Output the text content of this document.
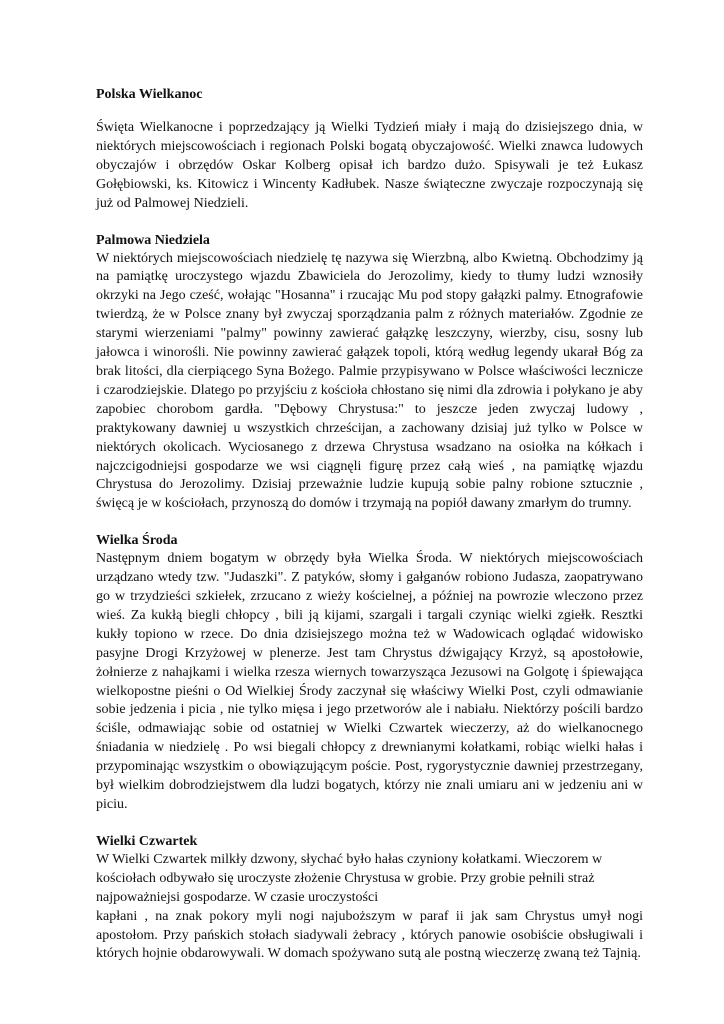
Polska Wielkanoc

Święta Wielkanocne i poprzedzający ją Wielki Tydzień miały i mają do dzisiejszego dnia, w niektórych miejscowościach i regionach Polski bogatą obyczajowość. Wielki znawca ludowych obyczajów i obrzędów Oskar Kolberg opisał ich bardzo dużo. Spisywali je też Łukasz Gołębiowski, ks. Kitowicz i Wincenty Kadłubek. Nasze świąteczne zwyczaje rozpoczynają się już od Palmowej Niedzieli.

Palmowa Niedziela

W niektórych miejscowościach niedzielę tę nazywa się Wierzbną, albo Kwietną. Obchodzimy ją na pamiątkę uroczystego wjazdu Zbawiciela do Jerozolimy, kiedy to tłumy ludzi wznosiły okrzyki na Jego cześć, wołając "Hosanna" i rzucając Mu pod stopy gałązki palmy. Etnografowie twierdzą, że w Polsce znany był zwyczaj sporządzania palm z różnych materiałów. Zgodnie ze starymi wierzeniami "palmy" powinny zawierać gałązkę leszczyny, wierzby, cisu, sosny lub jałowca i winorośli. Nie powinny zawierać gałązek topoli, którą według legendy ukarał Bóg za brak litości, dla cierpiącego Syna Bożego. Palmie przypisywano w Polsce właściwości lecznicze i czarodziejskie. Dlatego po przyjściu z kościoła chłostano się nimi dla zdrowia i połykano je aby zapobiec chorobom gardła. "Dębowy Chrystusa:" to jeszcze jeden zwyczaj ludowy , praktykowany dawniej u wszystkich chrześcijan, a zachowany dzisiaj już tylko w Polsce w niektórych okolicach. Wyciosanego z drzewa Chrystusa wsadzano na osiołka na kółkach i najczcigodniejsi gospodarze we wsi ciągnęli figurę przez całą wieś , na pamiątkę wjazdu Chrystusa do Jerozolimy. Dzisiaj przeważnie ludzie kupują sobie palny robione sztucznie , święcą je w kościołach, przynoszą do domów i trzymają na popiół dawany zmarłym do trumny.

Wielka Środa

Następnym dniem bogatym w obrzędy była Wielka Środa. W niektórych miejscowościach urządzano wtedy tzw. "Judaszki". Z patyków, słomy i gałganów robiono Judasza, zaopatrywano go w trzydzieści szkiełek, zrzucano z wieży kościelnej, a później na powrozie wleczono przez wieś. Za kukłą biegli chłopcy , bili ją kijami, szargali i targali czyniąc wielki zgiełk. Resztki kukły topiono w rzece. Do dnia dzisiejszego można też w Wadowicach oglądać widowisko pasyjne Drogi Krzyżowej w plenerze. Jest tam Chrystus dźwigający Krzyż, są apostołowie, żołnierze z nahajkami i wielka rzesza wiernych towarzysząca Jezusowi na Golgotę i śpiewająca wielkopostne pieśni o Od Wielkiej Środy zaczynał się właściwy Wielki Post, czyli odmawianie sobie jedzenia i picia , nie tylko mięsa i jego przetworów ale i nabiału. Niektórzy pościli bardzo ściśle, odmawiając sobie od ostatniej w Wielki Czwartek wieczerzy, aż do wielkanocnego śniadania w niedzielę . Po wsi biegali chłopcy z drewnianymi kołatkami, robiąc wielki hałas i przypominając wszystkim o obowiązującym poście. Post, rygorystycznie dawniej przestrzegany, był wielkim dobrodziejstwem dla ludzi bogatych, którzy nie znali umiaru ani w jedzeniu ani w piciu.

Wielki Czwartek

W Wielki Czwartek milkły dzwony, słychać było hałas czyniony kołatkami. Wieczorem w kościołach odbywało się uroczyste złożenie Chrystusa w grobie. Przy grobie pełnili straż najpoważniejsi gospodarze. W czasie uroczystości

kapłani , na znak pokory myli nogi najuboższym w paraf ii jak sam Chrystus umył nogi apostołom. Przy pańskich stołach siadywali żebracy , których panowie osobiście obsługiwali i których hojnie obdarowywali. W domach spożywano sutą ale postną wieczerzę zwaną też Tajnią.
